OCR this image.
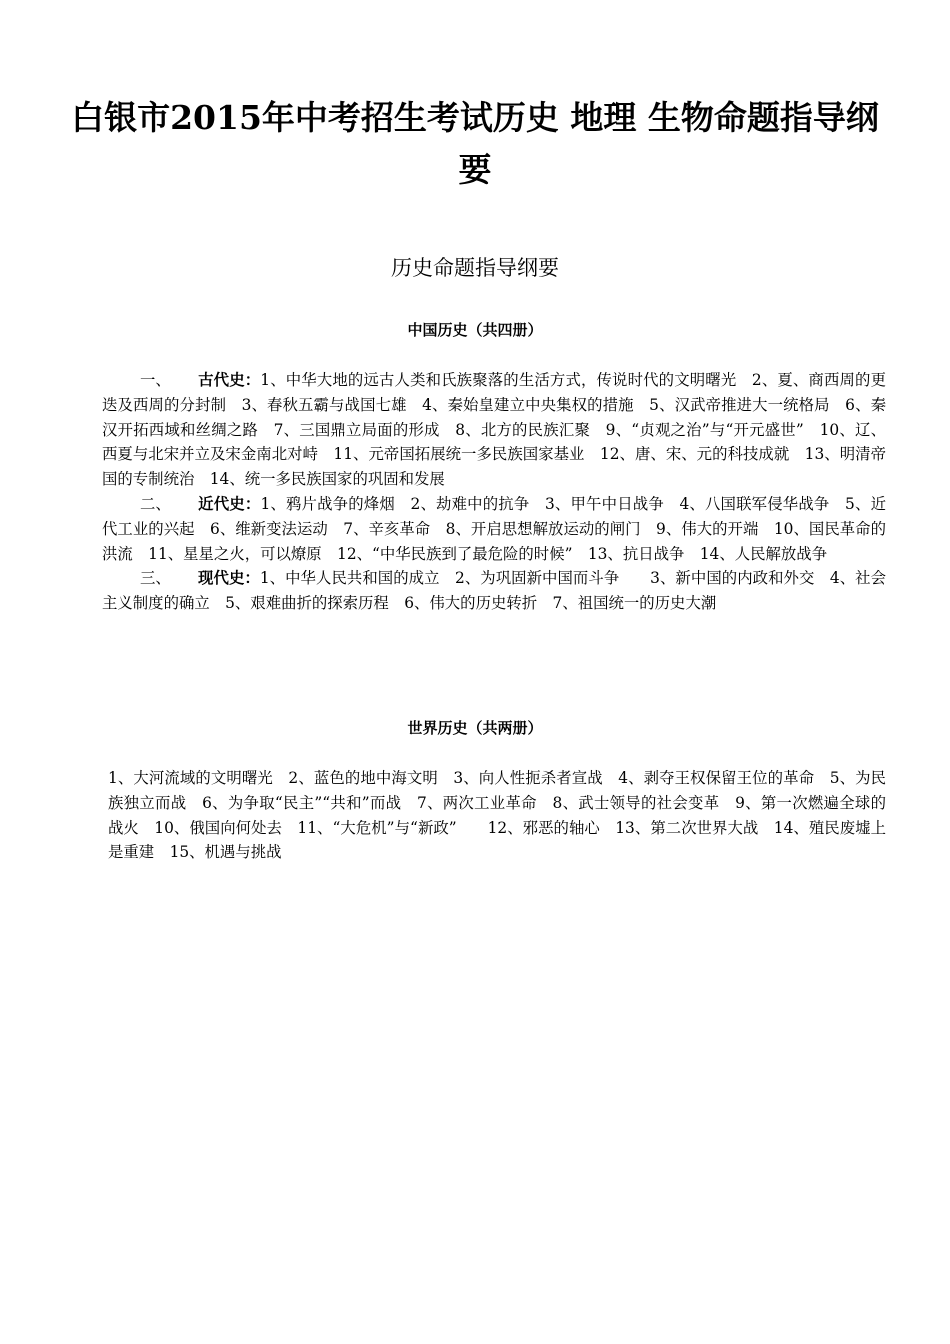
白银市2015年中考招生考试历史 地理 生物命题指导纲要
历史命题指导纲要
中国历史（共四册）

一、 古代史：1、中华大地的远古人类和氏族聚落的生活方式，传说时代的文明曙光　2、夏、商西周的更迭及西周的分封制　3、春秋五霸与战国七雄　4、秦始皇建立中央集权的措施　5、汉武帝推进大一统格局　6、秦汉开拓西域和丝绸之路　7、三国鼎立局面的形成　8、北方的民族汇聚　9、“贞观之治”与“开元盛世”　10、辽、西夏与北宋并立及宋金南北对峙　11、元帝国拓展统一多民族国家基业　12、唐、宋、元的科技成就　13、明清帝国的专制统治　14、统一多民族国家的巩固和发展

二、 近代史：1、鸦片战争的烽烟　2、劫难中的抗争　3、甲午中日战争　4、八国联军侵华战争　5、近代工业的兴起　6、维新变法运动　7、辛亥革命　8、开启思想解放运动的闸门　9、伟大的开端　10、国民革命的洪流　11、星星之火，可以燎原　12、“中华民族到了最危险的时候”　13、抗日战争　14、人民解放战争

三、 现代史：1、中华人民共和国的成立　2、为巩固新中国而斗争　　3、新中国的内政和外交　4、社会主义制度的确立　5、艰难曲折的探索历程　6、伟大的历史转折　7、祖国统一的历史大潮

世界历史（共两册）

1、大河流域的文明曙光　2、蓝色的地中海文明　3、向人性扼杀者宣战　4、剥夺王权保留王位的革命　5、为民族独立而战　6、为争取“民主”“共和”而战　7、两次工业革命　8、武士领导的社会变革　9、第一次燃遍全球的战火　10、俄国向何处去　11、“大危机”与“新政”　　12、邪恶的轴心　13、第二次世界大战　14、殖民废墟上是重建　15、机遇与挑战
